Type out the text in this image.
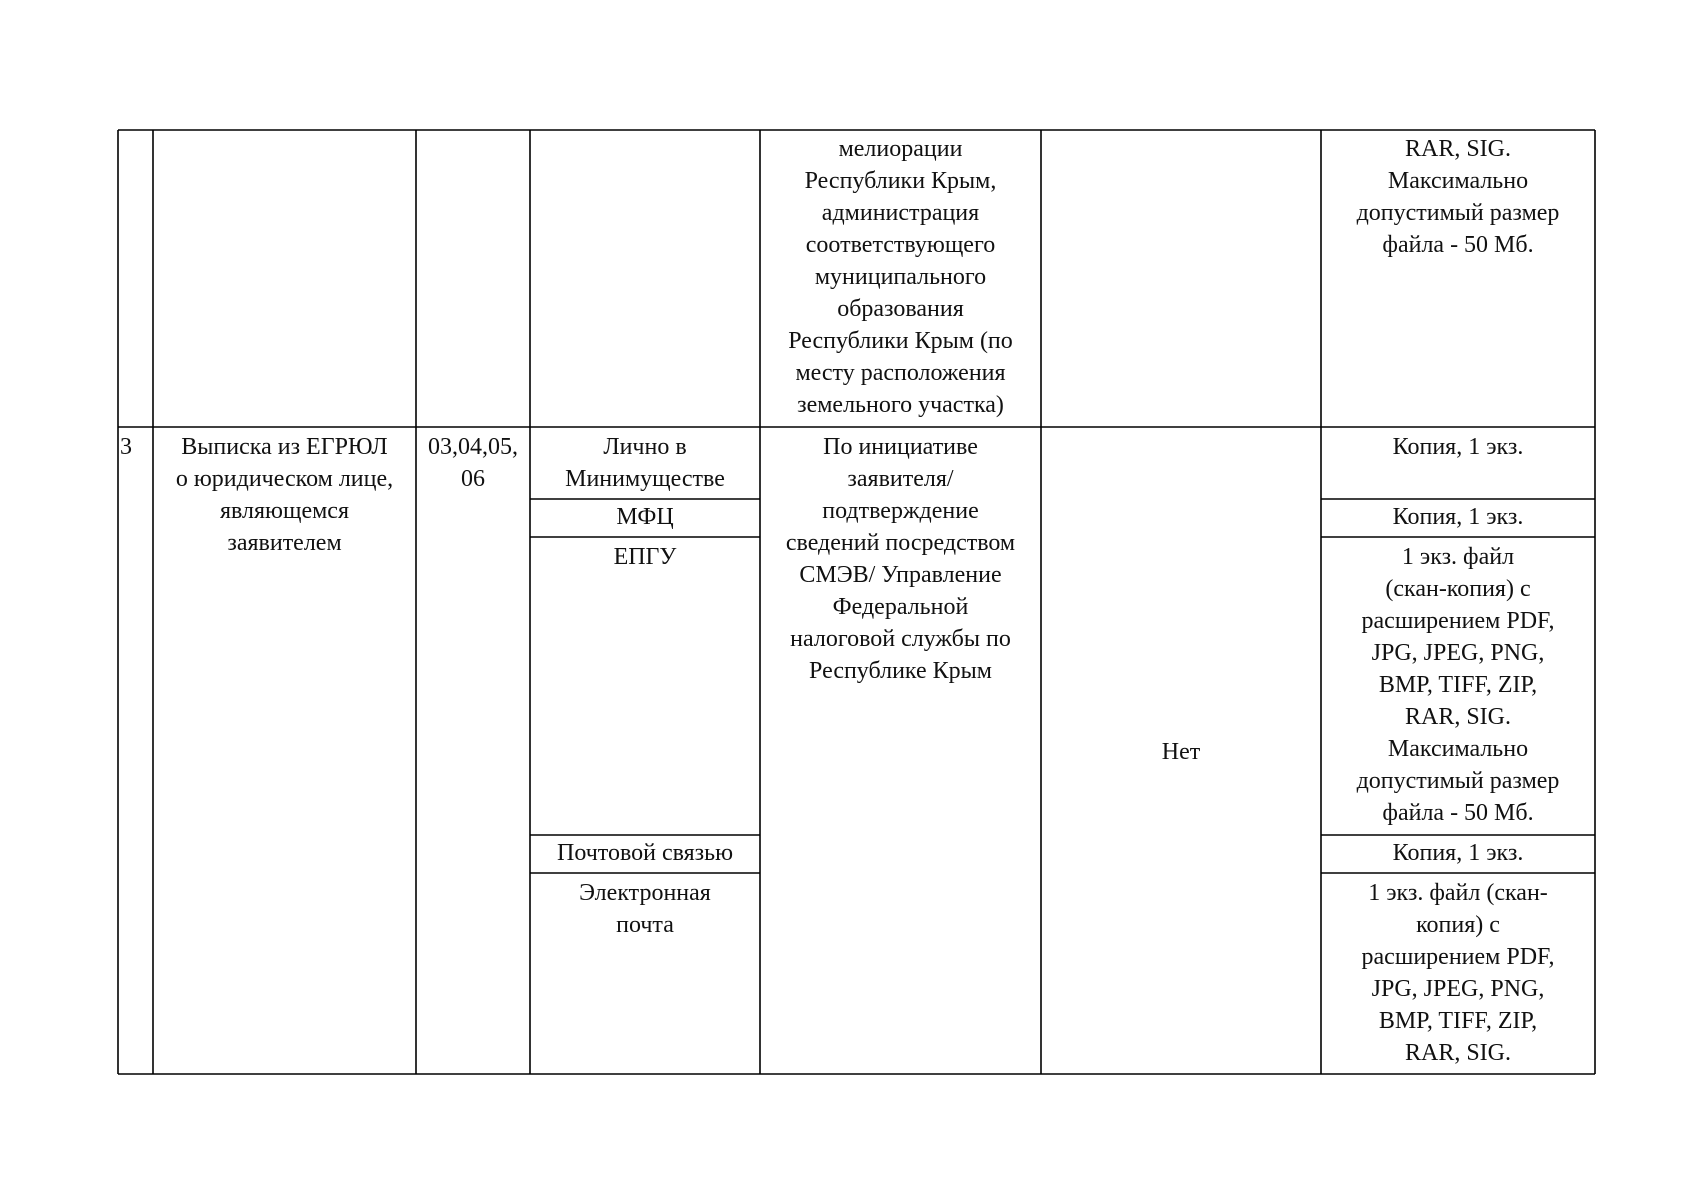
мелиорации
Республики Крым,
администрация
соответствующего
муниципального
образования
Республики Крым (по
месту расположения
земельного участка)
RAR, SIG.
Максимально
допустимый размер
файла - 50 Мб.
3	Выписка из ЕГРЮЛ
о юридическом лице,
являющемся
заявителем
03,04,05,
06
По инициативе
заявителя/
подтверждение
сведений посредством
СМЭВ/ Управление
Федеральной
налоговой службы по
Республике Крым
Нет
Лично в
Минимуществе
МФЦ
ЕПГУ
Почтовой связью
Электронная
почта
Копия, 1 экз.
Копия, 1 экз.
1 экз. файл
(скан-копия) с
расширением PDF,
JPG, JPEG, PNG,
BMP, TIFF, ZIP,
RAR, SIG.
Максимально
допустимый размер
файла - 50 Мб.
Копия, 1 экз.
1 экз. файл (скан-
копия) с
расширением PDF,
JPG, JPEG, PNG,
BMP, TIFF, ZIP,
RAR, SIG.
